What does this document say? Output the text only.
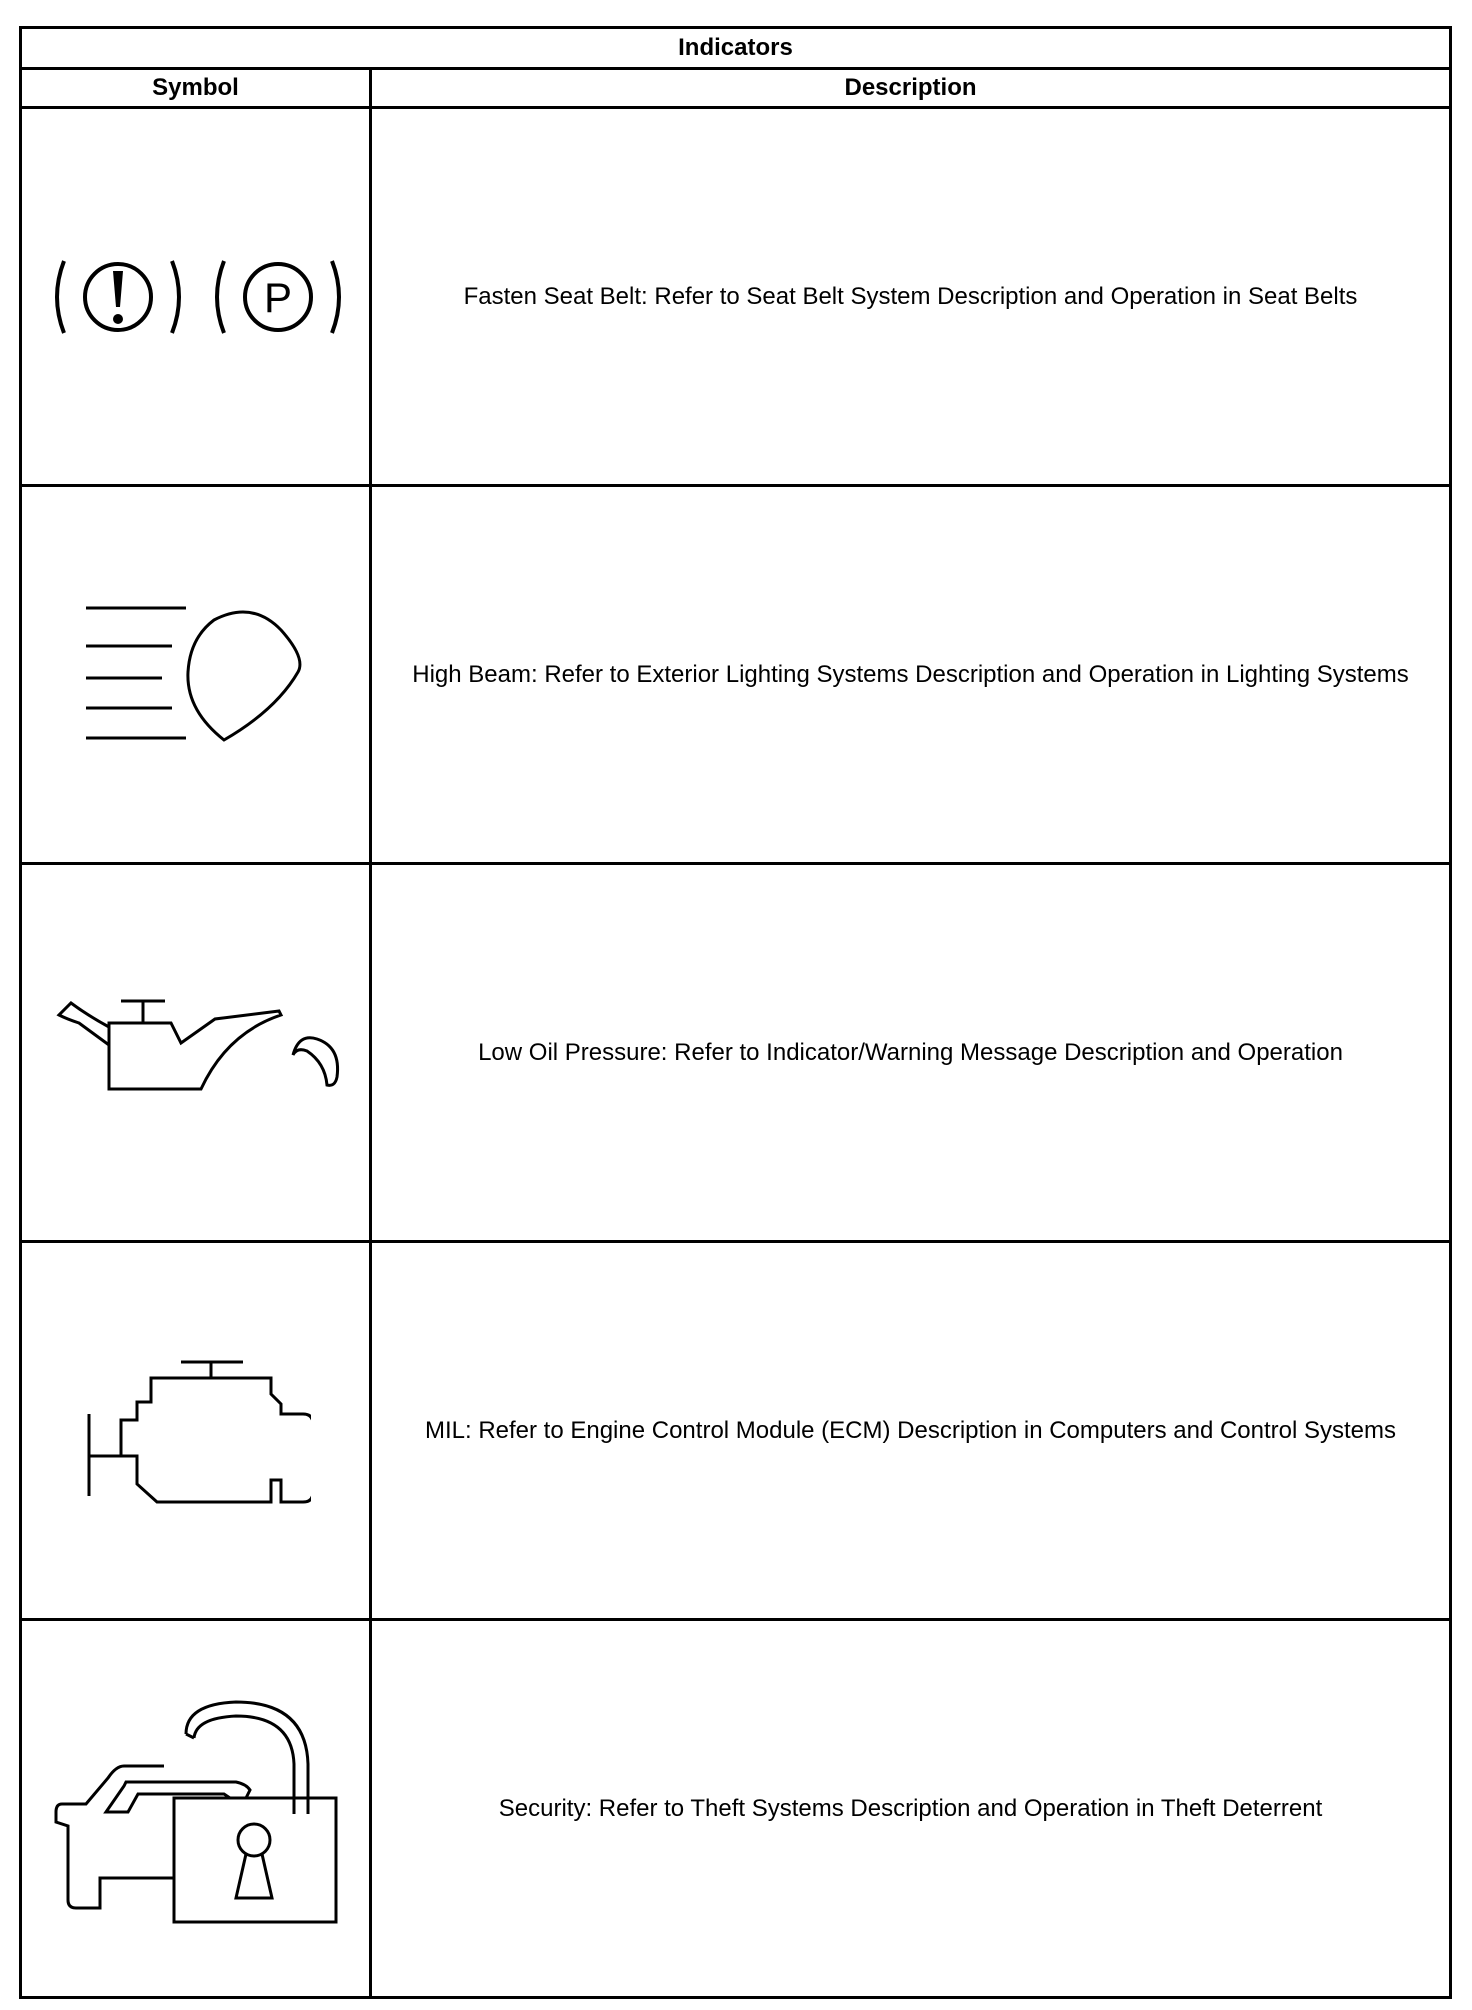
Indicators	
Symbol	Description

P	Fasten Seat Belt: Refer to Seat Belt System Description and Operation in Seat Belts

	High Beam: Refer to Exterior Lighting Systems Description and Operation in Lighting Systems

	Low Oil Pressure: Refer to Indicator/Warning Message Description and Operation

	MIL: Refer to Engine Control Module (ECM) Description in Computers and Control Systems

	Security: Refer to Theft Systems Description and Operation in Theft Deterrent
